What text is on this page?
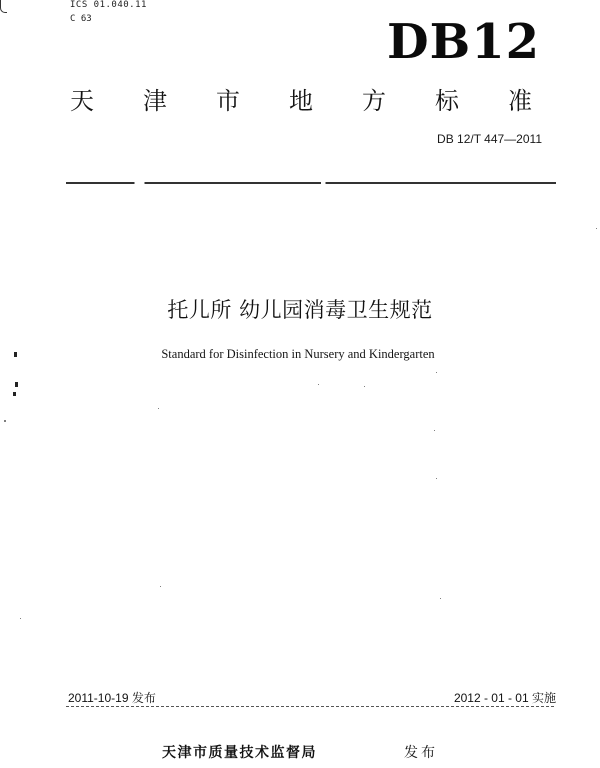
ICS 01.040.11
C 63	DB12
天 津 市 地 方 标 准
DB 12/T 447—2011
托儿所 幼儿园消毒卫生规范
Standard for Disinfection in Nursery and Kindergarten
2011-10-19 发布	2012 - 01 - 01 实施
天津市质量技术监督局	发布
